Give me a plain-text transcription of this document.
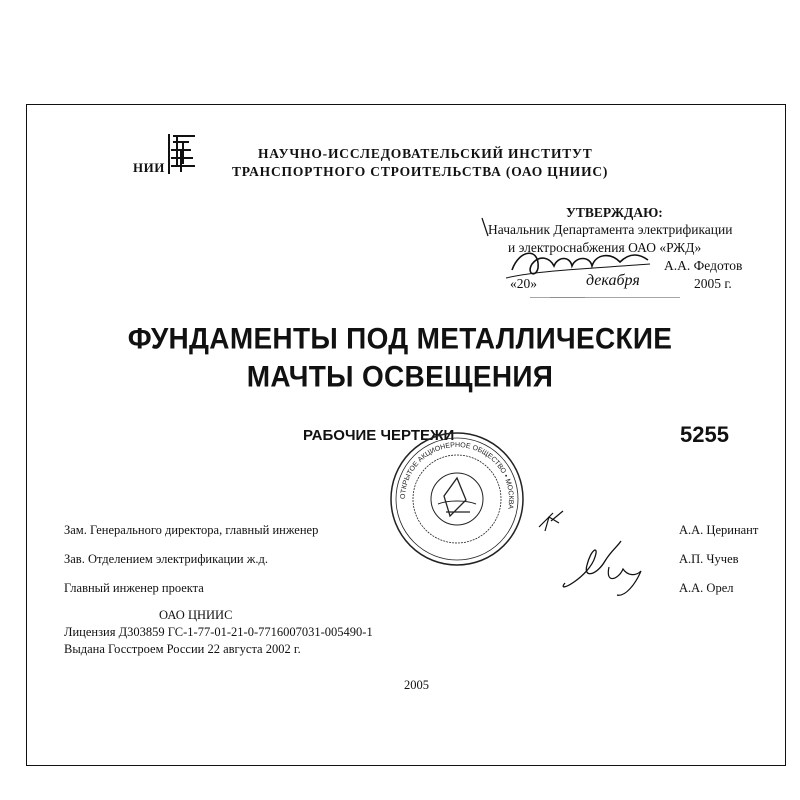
НИИ
НАУЧНО-ИССЛЕДОВАТЕЛЬСКИЙ ИНСТИТУТ
ТРАНСПОРТНОГО СТРОИТЕЛЬСТВА (ОАО ЦНИИС)
УТВЕРЖДАЮ:
Начальник Департамента электрификации
и электроснабжения ОАО «РЖД»
А.А. Федотов
«20»	декабря	2005 г.
ФУНДАМЕНТЫ ПОД МЕТАЛЛИЧЕСКИЕ
МАЧТЫ ОСВЕЩЕНИЯ
РАБОЧИЕ ЧЕРТЕЖИ	5255
ОТКРЫТОЕ АКЦИОНЕРНОЕ ОБЩЕСТВО • МОСКВА
Зам. Генерального директора, главный инженер	А.А. Церинант
Зав. Отделением электрификации ж.д.	А.П. Чучев
Главный инженер проекта	А.А. Орел
ОАО ЦНИИС
Лицензия Д303859 ГС-1-77-01-21-0-7716007031-005490-1
Выдана Госстроем России 22 августа 2002 г.
2005
